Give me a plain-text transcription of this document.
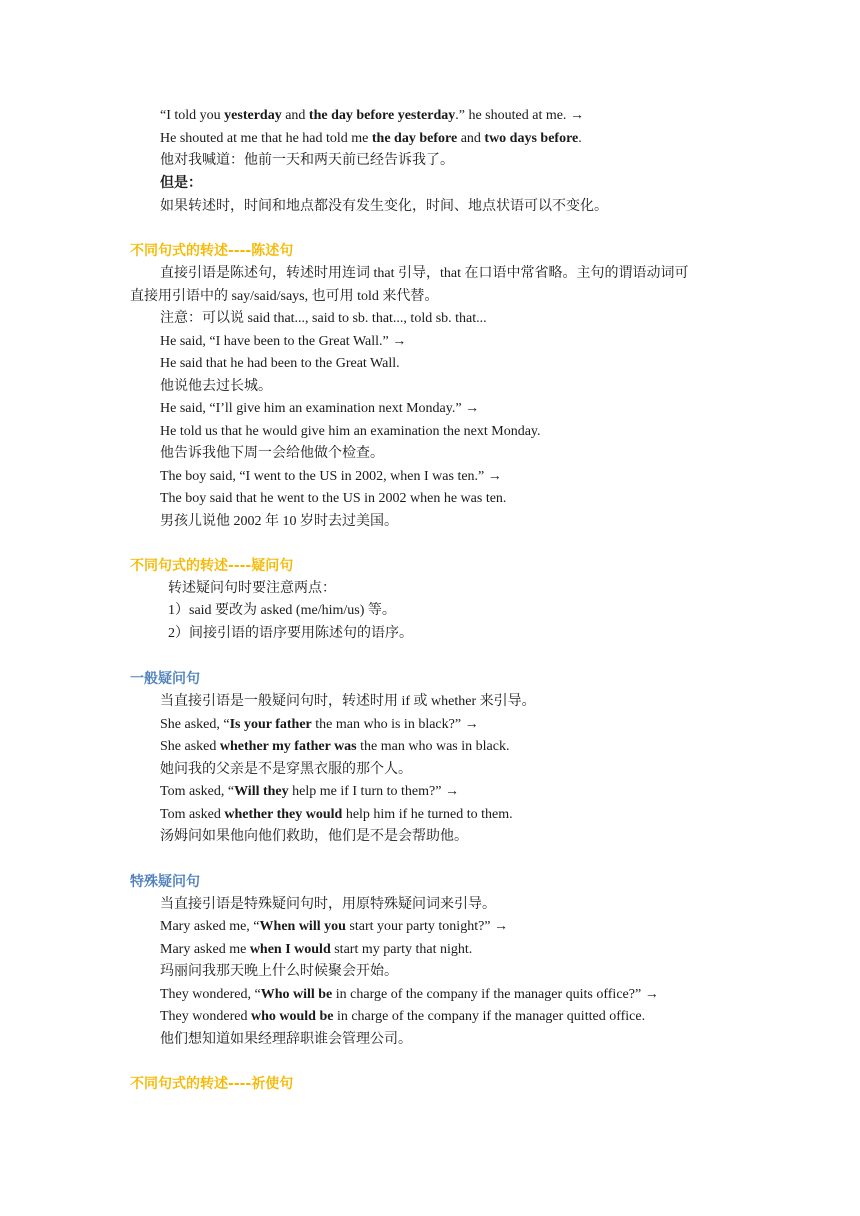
“I told you yesterday and the day before yesterday.” he shouted at me. →
He shouted at me that he had told me the day before and two days before.
他对我喊道：他前一天和两天前已经告诉我了。
但是：
如果转述时，时间和地点都没有发生变化，时间、地点状语可以不变化。
不同句式的转述----陈述句
直接引语是陈述句，转述时用连词 that 引导，that 在口语中常省略。主句的谓语动词可
直接用引语中的 say/said/says, 也可用 told 来代替。
注意：可以说 said that..., said to sb. that..., told sb. that...
He said, “I have been to the Great Wall.” →
He said that he had been to the Great Wall.
他说他去过长城。
He said, “I’ll give him an examination next Monday.” →
He told us that he would give him an examination the next Monday.
他告诉我他下周一会给他做个检查。
The boy said, “I went to the US in 2002, when I was ten.” →
The boy said that he went to the US in 2002 when he was ten.
男孩儿说他 2002 年 10 岁时去过美国。
不同句式的转述----疑问句
转述疑问句时要注意两点：
1）said 要改为 asked (me/him/us) 等。
2）间接引语的语序要用陈述句的语序。
一般疑问句
当直接引语是一般疑问句时，转述时用 if 或 whether 来引导。
She asked, “Is your father the man who is in black?” →
She asked whether my father was the man who was in black.
她问我的父亲是不是穿黑衣服的那个人。
Tom asked, “Will they help me if I turn to them?” →
Tom asked whether they would help him if he turned to them.
汤姆问如果他向他们救助，他们是不是会帮助他。
特殊疑问句
当直接引语是特殊疑问句时，用原特殊疑问词来引导。
Mary asked me, “When will you start your party tonight?” →
Mary asked me when I would start my party that night.
玛丽问我那天晚上什么时候聚会开始。
They wondered, “Who will be in charge of the company if the manager quits office?” →
They wondered who would be in charge of the company if the manager quitted office.
他们想知道如果经理辞职谁会管理公司。
不同句式的转述----祈使句
